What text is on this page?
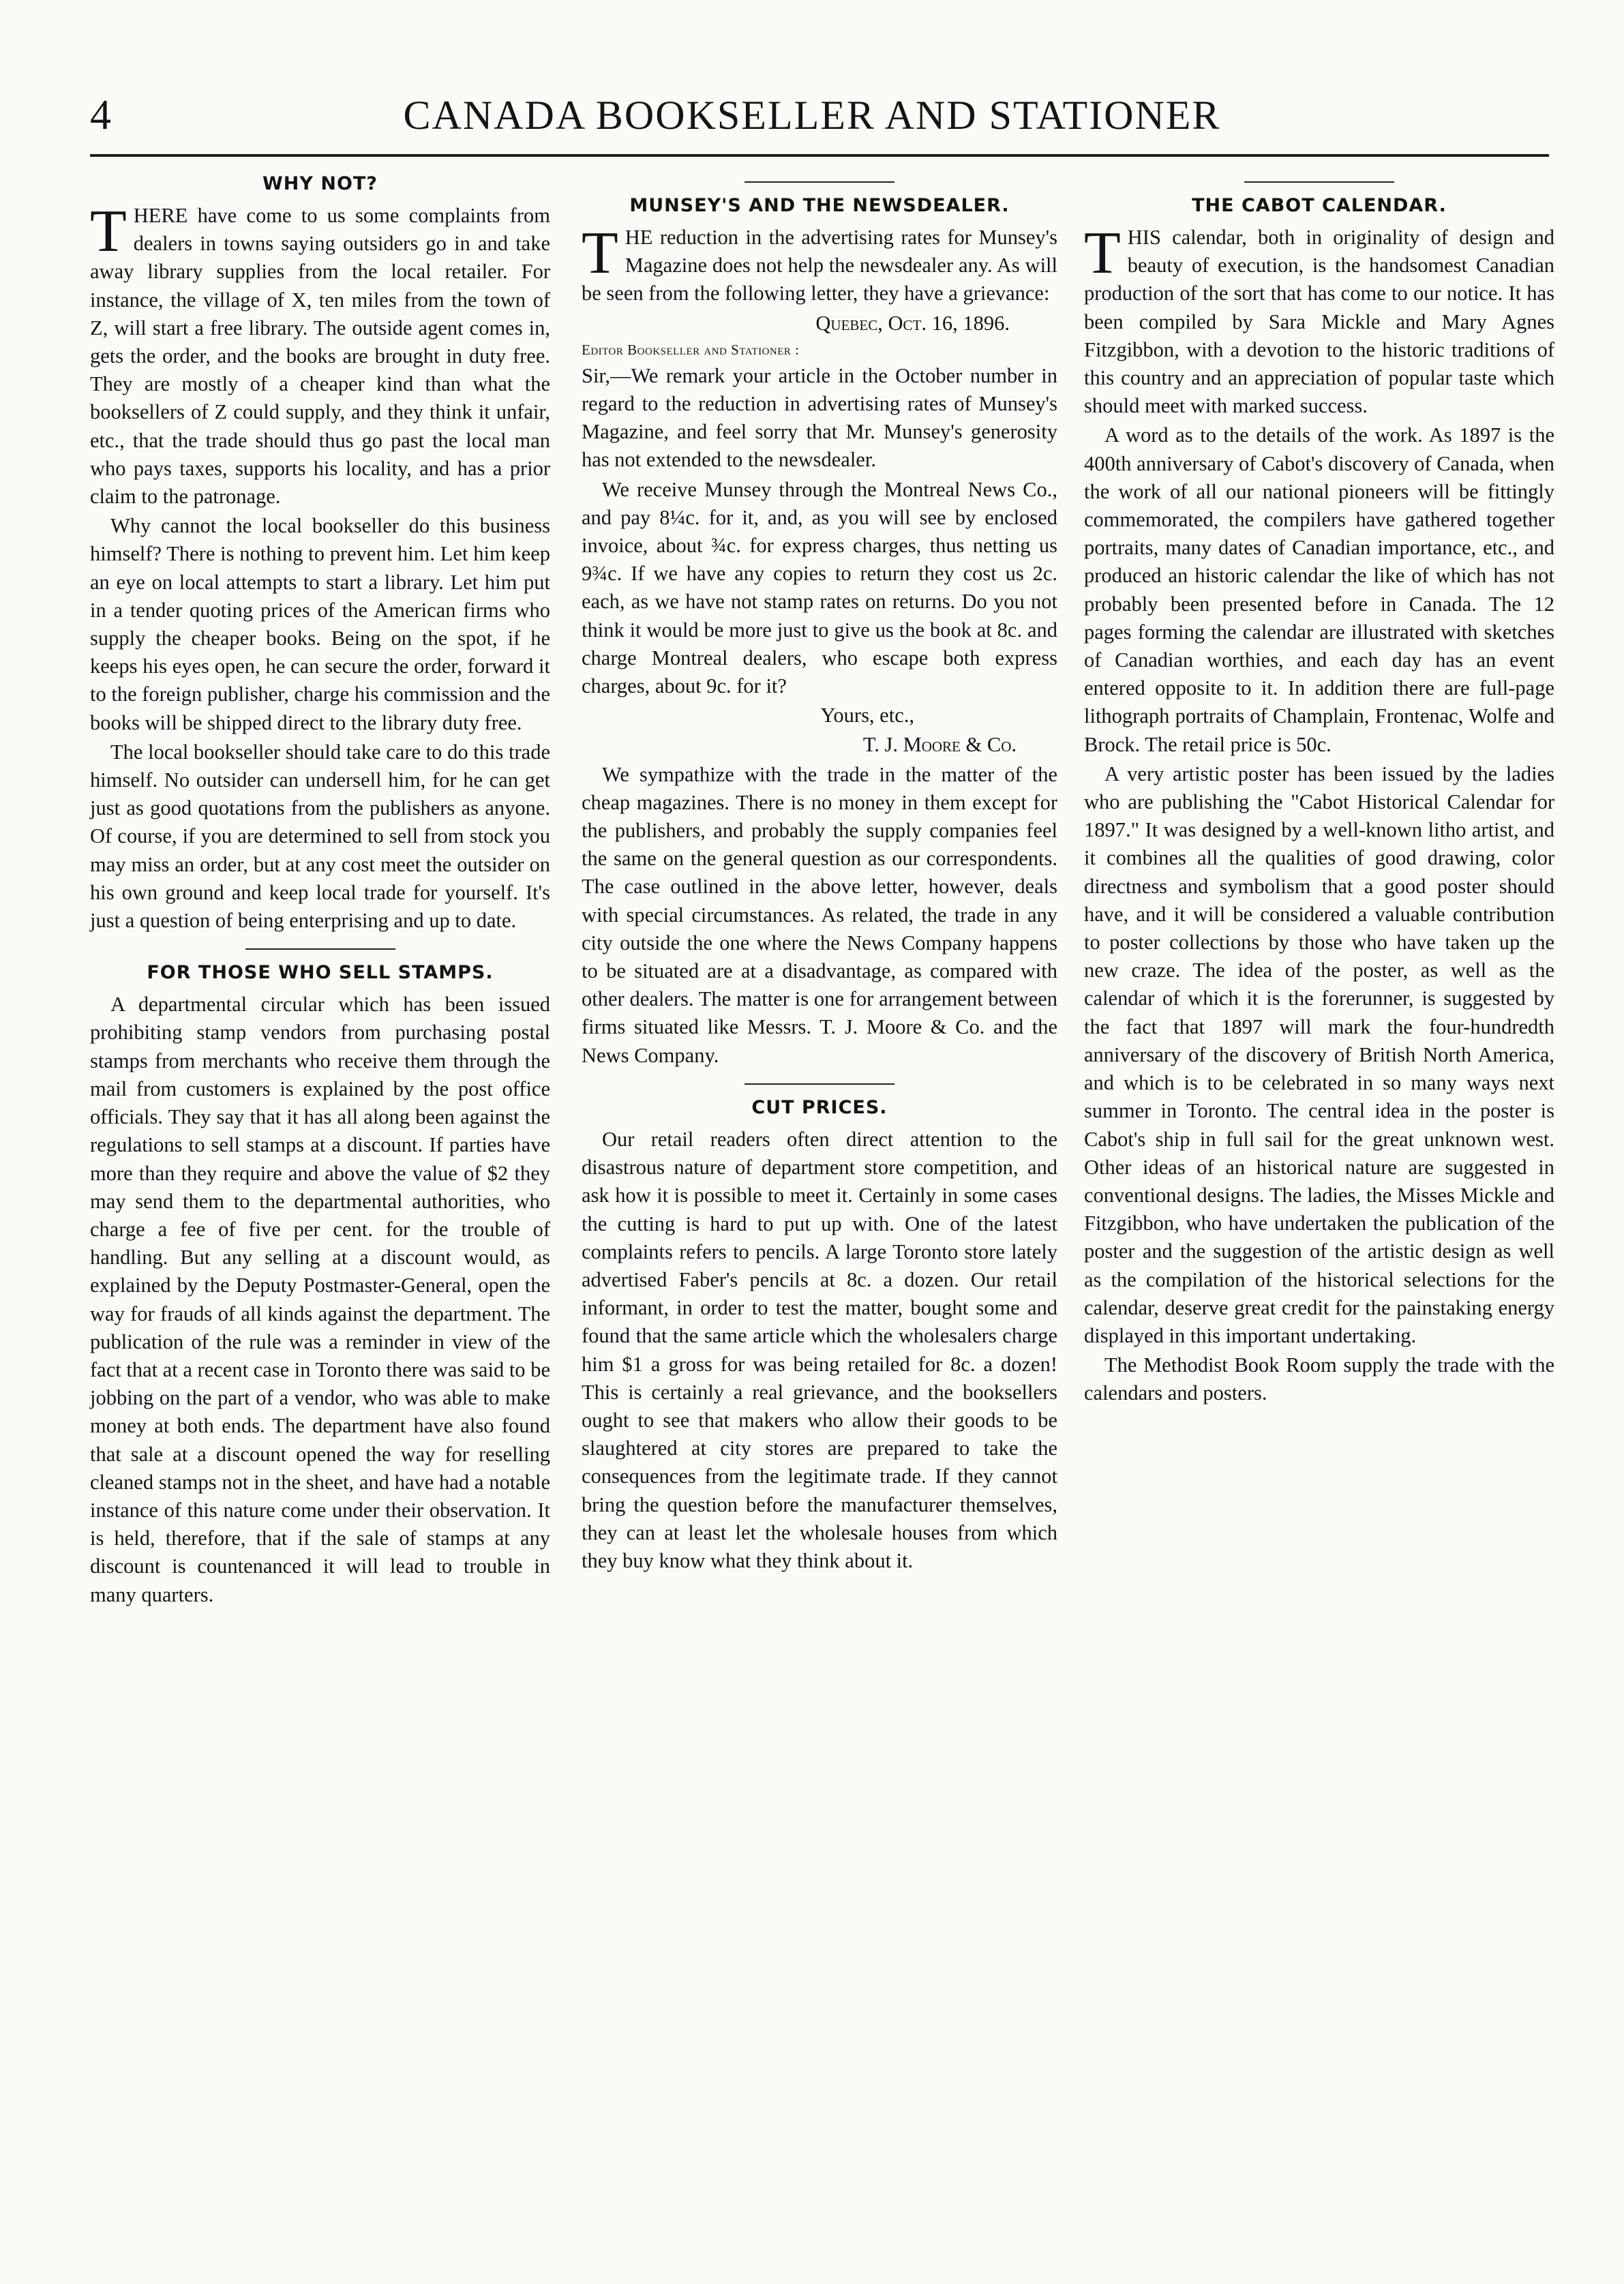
4	CANADA BOOKSELLER AND STATIONER
WHY NOT?

THERE have come to us some complaints from dealers in towns saying outsiders go in and take away library supplies from the local retailer. For instance, the village of X, ten miles from the town of Z, will start a free library. The outside agent comes in, gets the order, and the books are brought in duty free. They are mostly of a cheaper kind than what the booksellers of Z could supply, and they think it unfair, etc., that the trade should thus go past the local man who pays taxes, supports his locality, and has a prior claim to the patronage.

Why cannot the local bookseller do this business himself? There is nothing to prevent him. Let him keep an eye on local attempts to start a library. Let him put in a tender quoting prices of the American firms who supply the cheaper books. Being on the spot, if he keeps his eyes open, he can secure the order, forward it to the foreign publisher, charge his commission and the books will be shipped direct to the library duty free.

The local bookseller should take care to do this trade himself. No outsider can undersell him, for he can get just as good quotations from the publishers as anyone. Of course, if you are determined to sell from stock you may miss an order, but at any cost meet the outsider on his own ground and keep local trade for yourself. It's just a question of being enterprising and up to date.

FOR THOSE WHO SELL STAMPS.

A departmental circular which has been issued prohibiting stamp vendors from purchasing postal stamps from merchants who receive them through the mail from customers is explained by the post office officials. They say that it has all along been against the regulations to sell stamps at a discount. If parties have more than they require and above the value of $2 they may send them to the departmental authorities, who charge a fee of five per cent. for the trouble of handling. But any selling at a discount would, as explained by the Deputy Postmaster-General, open the way for frauds of all kinds against the department. The publication of the rule was a reminder in view of the fact that at a recent case in Toronto there was said to be jobbing on the part of a vendor, who was able to make money at both ends. The department have also found that sale at a discount opened the way for reselling cleaned stamps not in the sheet, and have had a notable instance of this nature come under their observation. It is held, therefore, that if the sale of stamps at any discount is countenanced it will lead to trouble in many quarters.

MUNSEY'S AND THE NEWSDEALER.

THE reduction in the advertising rates for Munsey's Magazine does not help the newsdealer any. As will be seen from the following letter, they have a grievance:

Quebec, Oct. 16, 1896.

Editor Bookseller and Stationer :

Sir,—We remark your article in the October number in regard to the reduction in advertising rates of Munsey's Magazine, and feel sorry that Mr. Munsey's generosity has not extended to the newsdealer.

We receive Munsey through the Montreal News Co., and pay 8¼c. for it, and, as you will see by enclosed invoice, about ¾c. for express charges, thus netting us 9¾c. If we have any copies to return they cost us 2c. each, as we have not stamp rates on returns. Do you not think it would be more just to give us the book at 8c. and charge Montreal dealers, who escape both express charges, about 9c. for it?

Yours, etc.,

T. J. Moore & Co.

We sympathize with the trade in the matter of the cheap magazines. There is no money in them except for the publishers, and probably the supply companies feel the same on the general question as our correspondents. The case outlined in the above letter, however, deals with special circumstances. As related, the trade in any city outside the one where the News Company happens to be situated are at a disadvantage, as compared with other dealers. The matter is one for arrangement between firms situated like Messrs. T. J. Moore & Co. and the News Company.

CUT PRICES.

Our retail readers often direct attention to the disastrous nature of department store competition, and ask how it is possible to meet it. Certainly in some cases the cutting is hard to put up with. One of the latest complaints refers to pencils. A large Toronto store lately advertised Faber's pencils at 8c. a dozen. Our retail informant, in order to test the matter, bought some and found that the same article which the wholesalers charge him $1 a gross for was being retailed for 8c. a dozen! This is certainly a real grievance, and the booksellers ought to see that makers who allow their goods to be slaughtered at city stores are prepared to take the consequences from the legitimate trade. If they cannot bring the question before the manufacturer themselves, they can at least let the wholesale houses from which they buy know what they think about it.

THE CABOT CALENDAR.

THIS calendar, both in originality of design and beauty of execution, is the handsomest Canadian production of the sort that has come to our notice. It has been compiled by Sara Mickle and Mary Agnes Fitzgibbon, with a devotion to the historic traditions of this country and an appreciation of popular taste which should meet with marked success.

A word as to the details of the work. As 1897 is the 400th anniversary of Cabot's discovery of Canada, when the work of all our national pioneers will be fittingly commemorated, the compilers have gathered together portraits, many dates of Canadian importance, etc., and produced an historic calendar the like of which has not probably been presented before in Canada. The 12 pages forming the calendar are illustrated with sketches of Canadian worthies, and each day has an event entered opposite to it. In addition there are full-page lithograph portraits of Champlain, Frontenac, Wolfe and Brock. The retail price is 50c.

A very artistic poster has been issued by the ladies who are publishing the "Cabot Historical Calendar for 1897." It was designed by a well-known litho artist, and it combines all the qualities of good drawing, color directness and symbolism that a good poster should have, and it will be considered a valuable contribution to poster collections by those who have taken up the new craze. The idea of the poster, as well as the calendar of which it is the forerunner, is suggested by the fact that 1897 will mark the four-hundredth anniversary of the discovery of British North America, and which is to be celebrated in so many ways next summer in Toronto. The central idea in the poster is Cabot's ship in full sail for the great unknown west. Other ideas of an historical nature are suggested in conventional designs. The ladies, the Misses Mickle and Fitzgibbon, who have undertaken the publication of the poster and the suggestion of the artistic design as well as the compilation of the historical selections for the calendar, deserve great credit for the painstaking energy displayed in this important undertaking.

The Methodist Book Room supply the trade with the calendars and posters.
